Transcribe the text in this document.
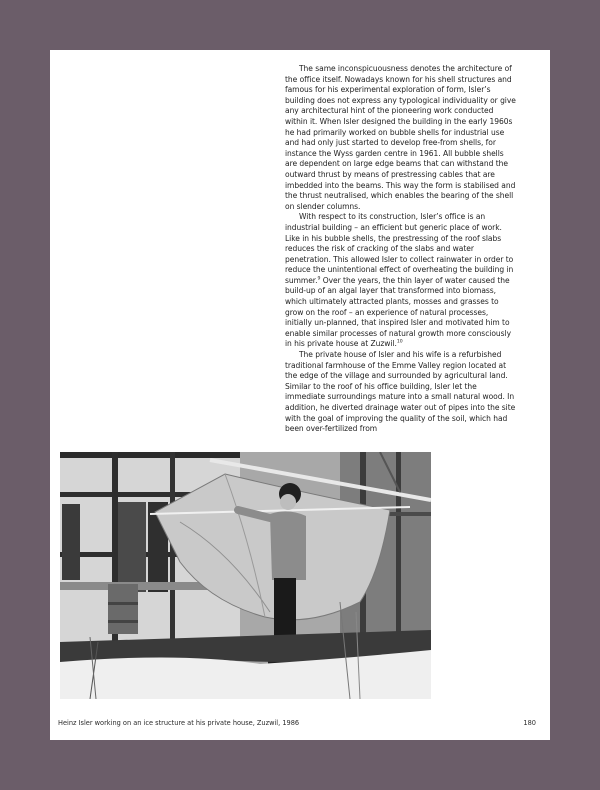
The same inconspicuousness denotes the architecture of the office itself. Nowadays known for his shell structures and famous for his experimental exploration of form, Isler’s building does not express any typological individuality or give any architectural hint of the pioneering work conducted within it. When Isler designed the building in the early 1960s he had primarily worked on bubble shells for industrial use and had only just started to develop free-from shells, for instance the Wyss garden centre in 1961. All bubble shells are dependent on large edge beams that can withstand the outward thrust by means of prestressing cables that are imbedded into the beams. This way the form is stabilised and the thrust neutralised, which enables the bearing of the shell on slender columns.

With respect to its construction, Isler’s office is an industrial building – an efficient but generic place of work. Like in his bubble shells, the prestressing of the roof slabs reduces the risk of cracking of the slabs and water penetration. This allowed Isler to collect rainwater in order to reduce the unintentional effect of overheating the building in summer.$^9$ Over the years, the thin layer of water caused the build-up of an algal layer that transformed into biomass, which ultimately attracted plants, mosses and grasses to grow on the roof – an experience of natural processes, initially un-planned, that inspired Isler and motivated him to enable similar processes of natural growth more consciously in his private house at Zuzwil.$^{10}$

The private house of Isler and his wife is a refurbished traditional farmhouse of the Emme Valley region located at the edge of the village and surrounded by agricultural land. Similar to the roof of his office building, Isler let the immediate surroundings mature into a small natural wood. In addition, he diverted drainage water out of pipes into the site with the goal of improving the quality of the soil, which had been over-fertilized from

Heinz Isler working on an ice structure at his private house, Zuzwil, 1986	180
